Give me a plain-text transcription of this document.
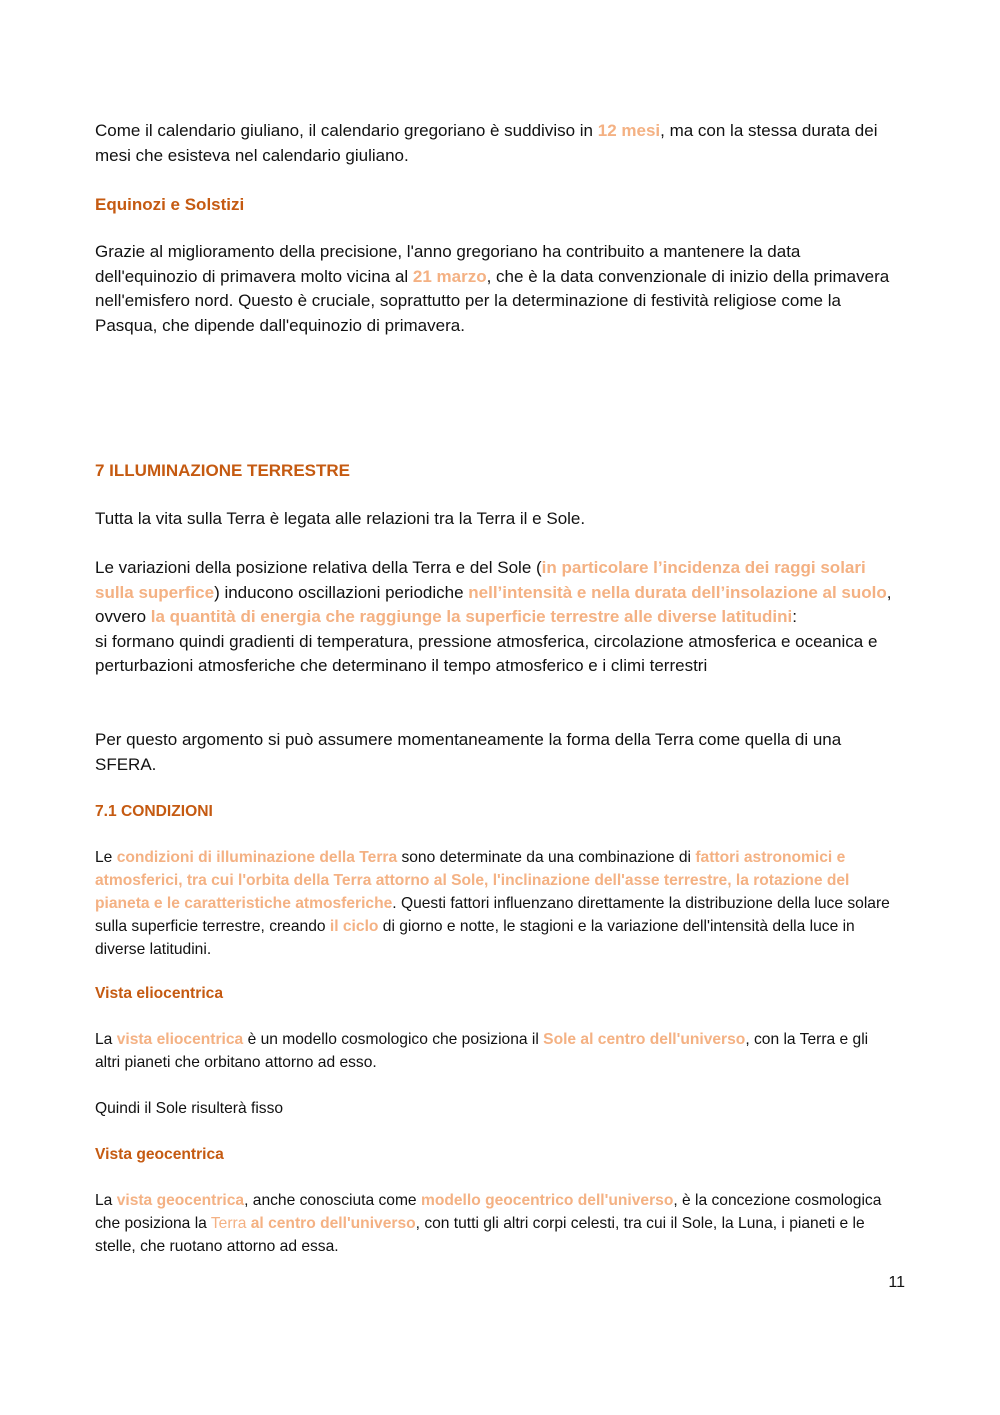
Come il calendario giuliano, il calendario gregoriano è suddiviso in 12 mesi, ma con la stessa durata dei mesi che esisteva nel calendario giuliano.

Equinozi e Solstizi

Grazie al miglioramento della precisione, l'anno gregoriano ha contribuito a mantenere la data dell'equinozio di primavera molto vicina al 21 marzo, che è la data convenzionale di inizio della primavera nell'emisfero nord. Questo è cruciale, soprattutto per la determinazione di festività religiose come la Pasqua, che dipende dall'equinozio di primavera.

7 ILLUMINAZIONE TERRESTRE

Tutta la vita sulla Terra è legata alle relazioni tra la Terra il e Sole.

Le variazioni della posizione relativa della Terra e del Sole (in particolare l’incidenza dei raggi solari sulla superfice) inducono oscillazioni periodiche nell’intensità e nella durata dell’insolazione al suolo, ovvero la quantità di energia che raggiunge la superficie terrestre alle diverse latitudini:
si formano quindi gradienti di temperatura, pressione atmosferica, circolazione atmosferica e oceanica e perturbazioni atmosferiche che determinano il tempo atmosferico e i climi terrestri

Per questo argomento si può assumere momentaneamente la forma della Terra come quella di una SFERA.

7.1 CONDIZIONI

Le condizioni di illuminazione della Terra sono determinate da una combinazione di fattori astronomici e atmosferici, tra cui l'orbita della Terra attorno al Sole, l'inclinazione dell'asse terrestre, la rotazione del pianeta e le caratteristiche atmosferiche. Questi fattori influenzano direttamente la distribuzione della luce solare sulla superficie terrestre, creando il ciclo di giorno e notte, le stagioni e la variazione dell'intensità della luce in diverse latitudini.

Vista eliocentrica

La vista eliocentrica è un modello cosmologico che posiziona il Sole al centro dell'universo, con la Terra e gli altri pianeti che orbitano attorno ad esso.

Quindi il Sole risulterà fisso

Vista geocentrica

La vista geocentrica, anche conosciuta come modello geocentrico dell'universo, è la concezione cosmologica che posiziona la Terra al centro dell'universo, con tutti gli altri corpi celesti, tra cui il Sole, la Luna, i pianeti e le stelle, che ruotano attorno ad essa.

11
